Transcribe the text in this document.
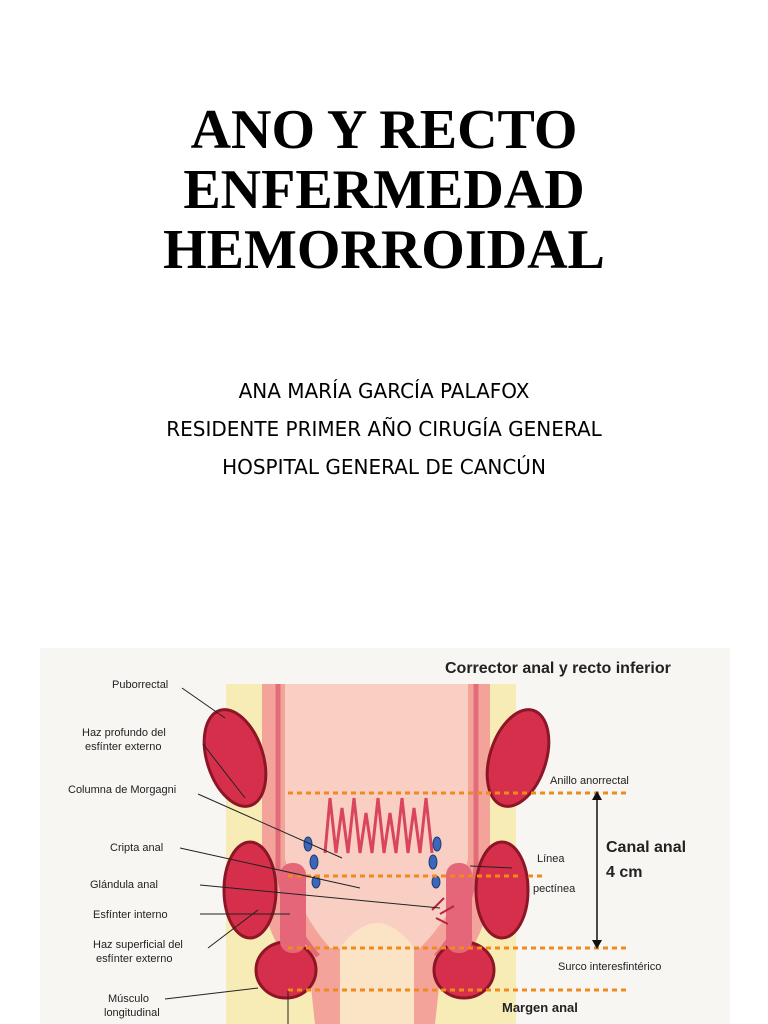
ANO Y RECTO
ENFERMEDAD
HEMORROIDAL
ANA MARÍA GARCÍA PALAFOX
RESIDENTE PRIMER AÑO CIRUGÍA GENERAL
HOSPITAL GENERAL DE CANCÚN
Corrector anal y recto inferior
Puborrectal
Haz profundo del
esfínter externo
Columna de Morgagni
Cripta anal
Glándula anal
Esfínter interno
Haz superficial del
esfínter externo
Músculo
longitudinal
Anillo anorrectal
Línea
pectínea
Canal anal
4 cm
Surco interesfintérico
Margen anal
